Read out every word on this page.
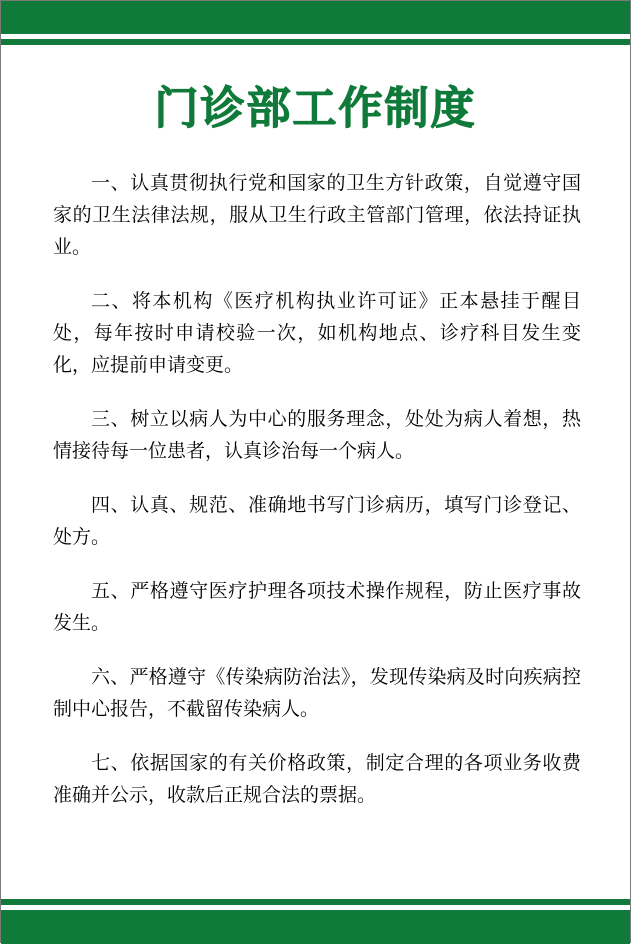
门诊部工作制度

一、认真贯彻执行党和国家的卫生方针政策，自觉遵守国家的卫生法律法规，服从卫生行政主管部门管理，依法持证执业。

二、将本机构《医疗机构执业许可证》正本悬挂于醒目处，每年按时申请校验一次，如机构地点、诊疗科目发生变化，应提前申请变更。

三、树立以病人为中心的服务理念，处处为病人着想，热情接待每一位患者，认真诊治每一个病人。

四、认真、规范、准确地书写门诊病历，填写门诊登记、处方。

五、严格遵守医疗护理各项技术操作规程，防止医疗事故发生。

六、严格遵守《传染病防治法》，发现传染病及时向疾病控制中心报告，不截留传染病人。

七、依据国家的有关价格政策，制定合理的各项业务收费准确并公示，收款后正规合法的票据。
